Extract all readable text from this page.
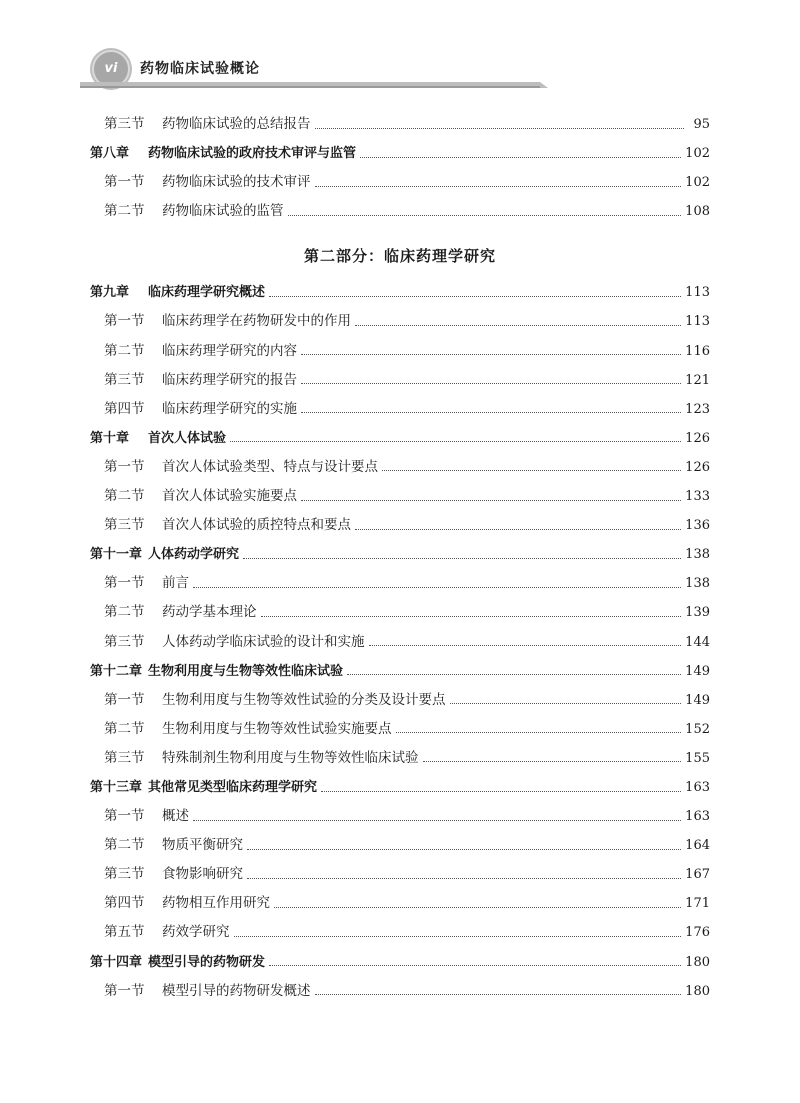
vi	药物临床试验概论
第三节	药物临床试验的总结报告	95
第八章	药物临床试验的政府技术审评与监管	102
第一节	药物临床试验的技术审评	102
第二节	药物临床试验的监管	108
第二部分：临床药理学研究
第九章	临床药理学研究概述	113
第一节	临床药理学在药物研发中的作用	113
第二节	临床药理学研究的内容	116
第三节	临床药理学研究的报告	121
第四节	临床药理学研究的实施	123
第十章	首次人体试验	126
第一节	首次人体试验类型、特点与设计要点	126
第二节	首次人体试验实施要点	133
第三节	首次人体试验的质控特点和要点	136
第十一章 人体药动学研究	138
第一节	前言	138
第二节	药动学基本理论	139
第三节	人体药动学临床试验的设计和实施	144
第十二章 生物利用度与生物等效性临床试验	149
第一节	生物利用度与生物等效性试验的分类及设计要点	149
第二节	生物利用度与生物等效性试验实施要点	152
第三节	特殊制剂生物利用度与生物等效性临床试验	155
第十三章 其他常见类型临床药理学研究	163
第一节	概述	163
第二节	物质平衡研究	164
第三节	食物影响研究	167
第四节	药物相互作用研究	171
第五节	药效学研究	176
第十四章 模型引导的药物研发	180
第一节	模型引导的药物研发概述	180
